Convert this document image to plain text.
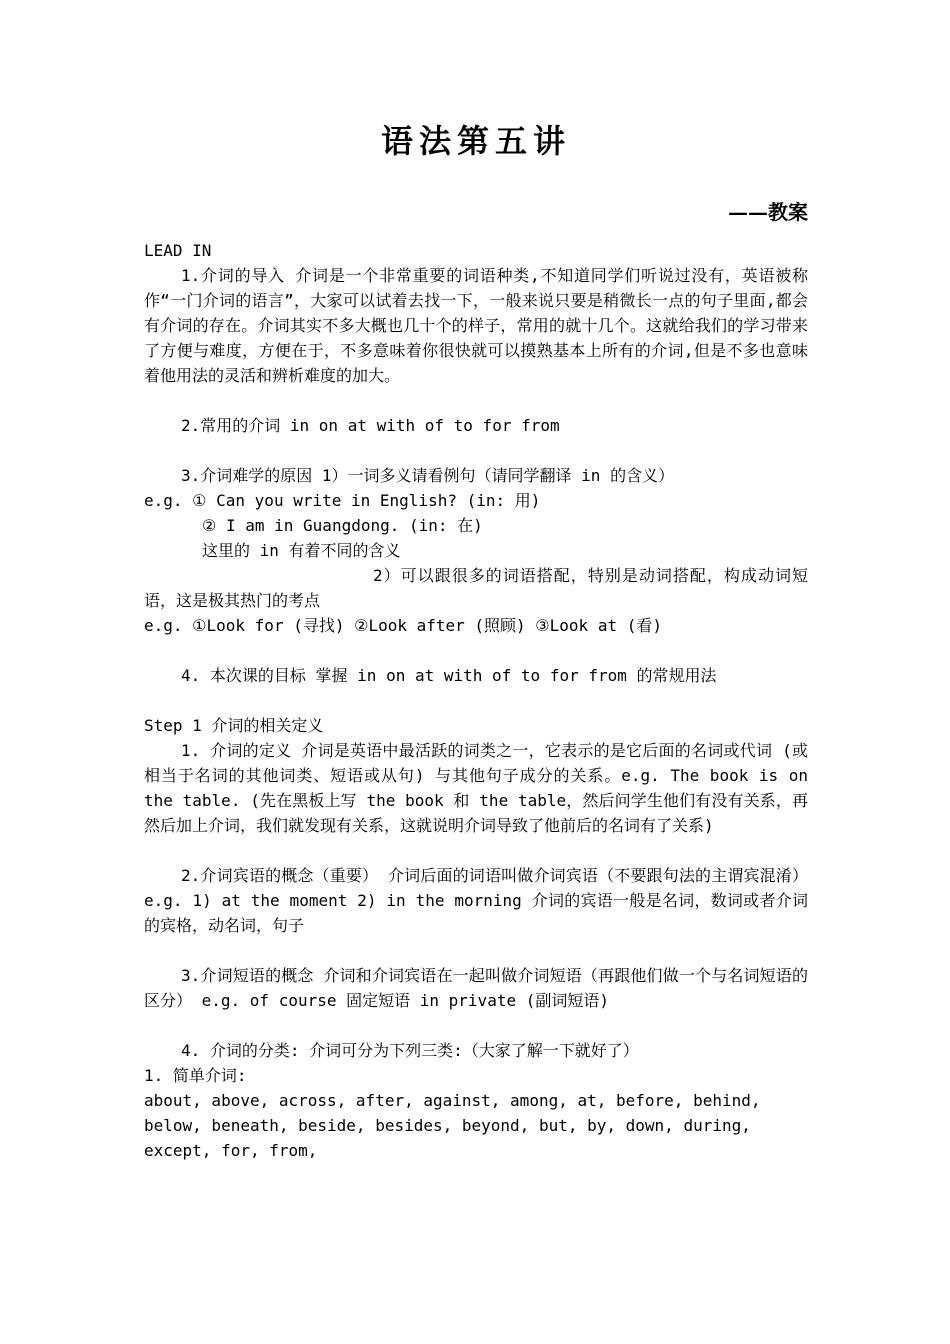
语法第五讲
——教案

LEAD IN

1.介词的导入 介词是一个非常重要的词语种类,不知道同学们听说过没有，英语被称作“一门介词的语言”，大家可以试着去找一下，一般来说只要是稍微长一点的句子里面,都会有介词的存在。介词其实不多大概也几十个的样子，常用的就十几个。这就给我们的学习带来了方便与难度，方便在于，不多意味着你很快就可以摸熟基本上所有的介词,但是不多也意味着他用法的灵活和辨析难度的加大。

2.常用的介词 in on at with of to for from

3.介词难学的原因 1）一词多义请看例句（请同学翻译 in 的含义）

e.g. ① Can you write in English? (in: 用)

② I am in Guangdong. (in: 在)

这里的 in 有着不同的含义

2）可以跟很多的词语搭配，特别是动词搭配，构成动词短语，这是极其热门的考点

e.g. ①Look for (寻找) ②Look after (照顾) ③Look at (看)

4. 本次课的目标 掌握 in on at with of to for from 的常规用法

Step 1 介词的相关定义

1. 介词的定义 介词是英语中最活跃的词类之一，它表示的是它后面的名词或代词 (或相当于名词的其他词类、短语或从句) 与其他句子成分的关系。e.g. The book is on the table. (先在黑板上写 the book 和 the table，然后问学生他们有没有关系，再然后加上介词，我们就发现有关系，这就说明介词导致了他前后的名词有了关系)

2.介词宾语的概念（重要） 介词后面的词语叫做介词宾语（不要跟句法的主谓宾混淆） e.g. 1) at the moment 2) in the morning 介词的宾语一般是名词，数词或者介词的宾格，动名词，句子

3.介词短语的概念 介词和介词宾语在一起叫做介词短语（再跟他们做一个与名词短语的区分） e.g. of course 固定短语 in private (副词短语)

4. 介词的分类: 介词可分为下列三类:（大家了解一下就好了）

1. 简单介词:

about, above, across, after, against, among, at, before, behind, below, beneath, beside, besides, beyond, but, by, down, during, except, for, from,
